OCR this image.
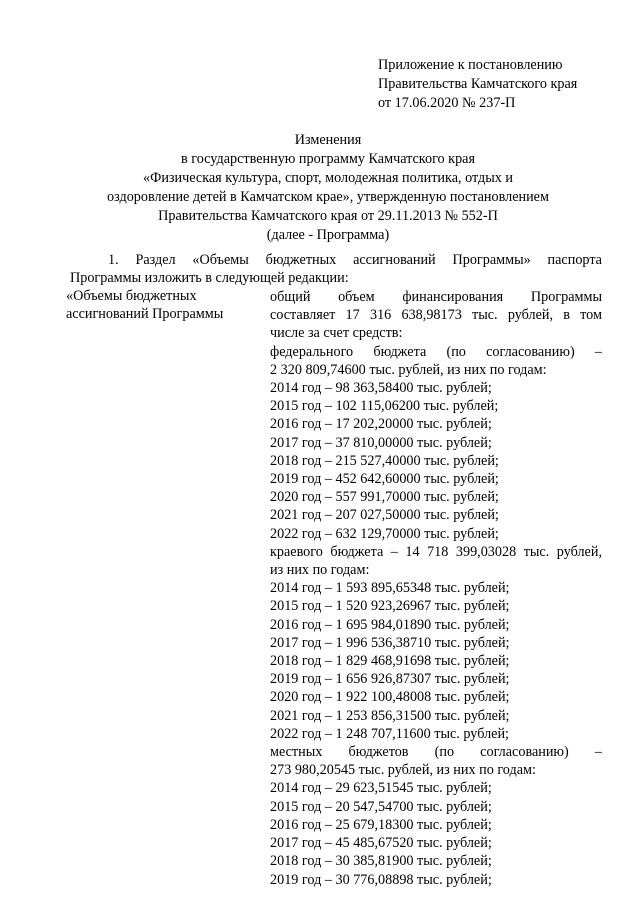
Приложение к постановлению
Правительства Камчатского края
от 17.06.2020 № 237-П
Изменения
в государственную программу Камчатского края
«Физическая культура, спорт, молодежная политика, отдых и
оздоровление детей в Камчатском крае», утвержденную постановлением
Правительства Камчатского края от 29.11.2013 № 552-П
(далее - Программа)
1. Раздел «Объемы бюджетных ассигнований Программы» паспорта
Программы изложить в следующей редакции:
«Объемы бюджетных
ассигнований Программы
общий объем финансирования Программы
составляет 17 316 638,98173 тыс. рублей, в том
числе за счет средств:
федерального бюджета (по согласованию) –
2 320 809,74600 тыс. рублей, из них по годам:
2014 год – 98 363,58400 тыс. рублей;
2015 год – 102 115,06200 тыс. рублей;
2016 год – 17 202,20000 тыс. рублей;
2017 год – 37 810,00000 тыс. рублей;
2018 год – 215 527,40000 тыс. рублей;
2019 год – 452 642,60000 тыс. рублей;
2020 год – 557 991,70000 тыс. рублей;
2021 год – 207 027,50000 тыс. рублей;
2022 год – 632 129,70000 тыс. рублей;
краевого бюджета – 14 718 399,03028 тыс. рублей,
из них по годам:
2014 год – 1 593 895,65348 тыс. рублей;
2015 год – 1 520 923,26967 тыс. рублей;
2016 год – 1 695 984,01890 тыс. рублей;
2017 год – 1 996 536,38710 тыс. рублей;
2018 год – 1 829 468,91698 тыс. рублей;
2019 год – 1 656 926,87307 тыс. рублей;
2020 год – 1 922 100,48008 тыс. рублей;
2021 год – 1 253 856,31500 тыс. рублей;
2022 год – 1 248 707,11600 тыс. рублей;
местных бюджетов (по согласованию) –
273 980,20545 тыс. рублей, из них по годам:
2014 год – 29 623,51545 тыс. рублей;
2015 год – 20 547,54700 тыс. рублей;
2016 год – 25 679,18300 тыс. рублей;
2017 год – 45 485,67520 тыс. рублей;
2018 год – 30 385,81900 тыс. рублей;
2019 год – 30 776,08898 тыс. рублей;
